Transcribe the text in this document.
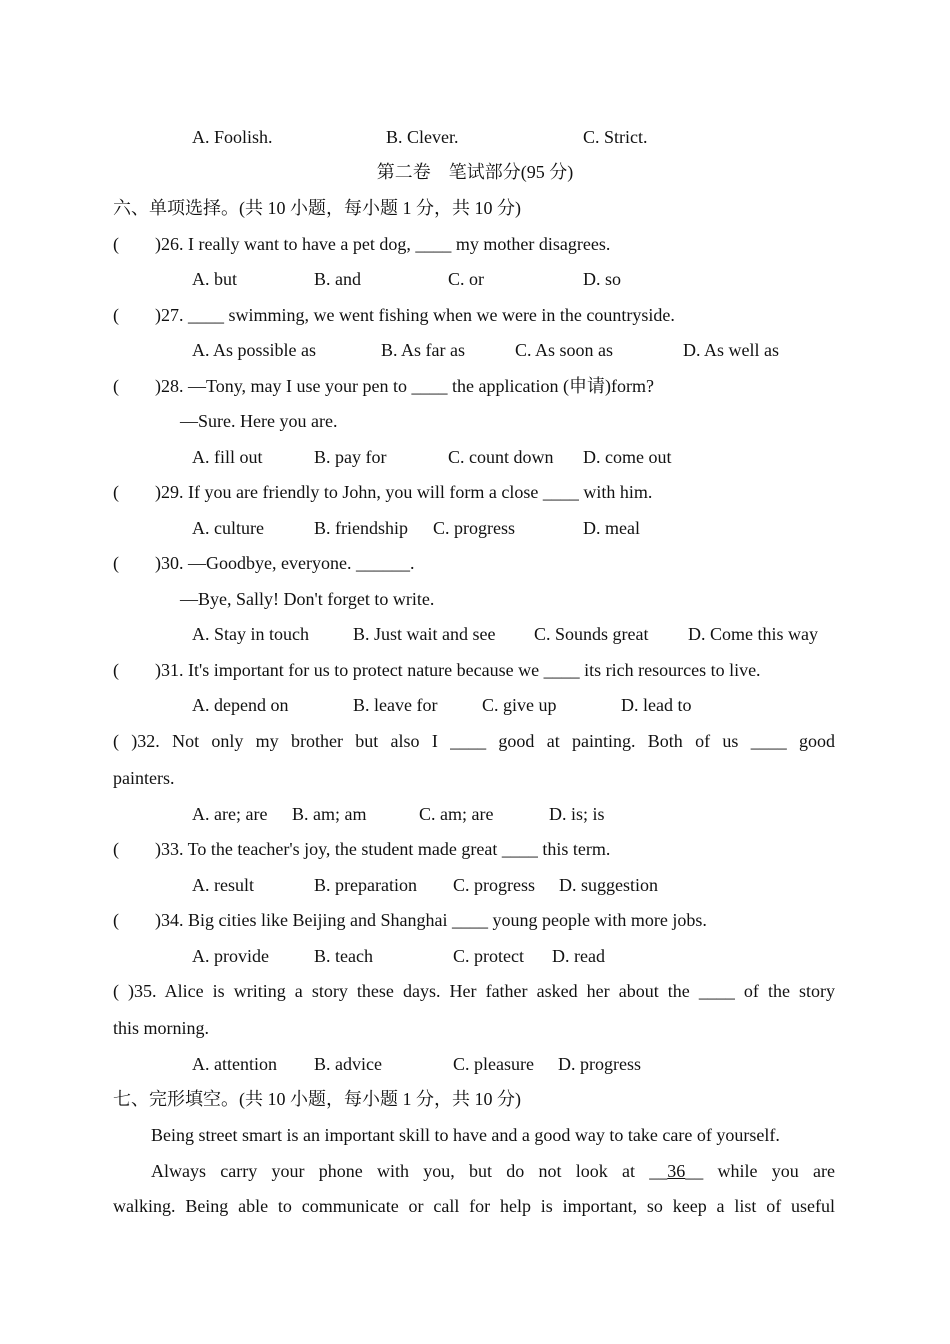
A. Foolish.	B. Clever.	C. Strict.
第二卷　笔试部分(95 分)
六、单项选择。(共 10 小题，每小题 1 分，共 10 分)
(        )26. I really want to have a pet dog, ____ my mother disagrees.
A. but	B. and	C. or	D. so
(        )27. ____ swimming, we went fishing when we were in the countryside.
A. As possible as	B. As far as	C. As soon as	D. As well as
(        )28. —Tony, may I use your pen to ____ the application (申请)form?
—Sure. Here you are.
A. fill out	B. pay for	C. count down D. come out
(        )29. If you are friendly to John, you will form a close ____ with him.
A. culture	B. friendship C. progress	D. meal
(        )30. —Goodbye, everyone. ______.
—Bye, Sally! Don't forget to write.
A. Stay in touch B. Just wait and see C. Sounds great D. Come this way
(        )31. It's important for us to protect nature because we ____ its rich resources to live.
A. depend on	B. leave for C. give up	D. lead to
( )32. Not only my brother but also I ____ good at painting. Both of us ____ good
painters.
A. are; are B. am; am	C. am; are	D. is; is
(        )33. To the teacher's joy, the student made great ____ this term.
A. result	B. preparation C. progress D. suggestion
(        )34. Big cities like Beijing and Shanghai ____ young people with more jobs.
A. provide	B. teach	C. protect D. read
( )35. Alice is writing a story these days. Her father asked her about the ____ of the story
this morning.
A. attention B. advice	C. pleasure D. progress
七、完形填空。(共 10 小题，每小题 1 分，共 10 分)
Being street smart is an important skill to have and a good way to take care of yourself.
Always carry your phone with you, but do not look at __36__ while you are
walking. Being able to communicate or call for help is important, so keep a list of useful
